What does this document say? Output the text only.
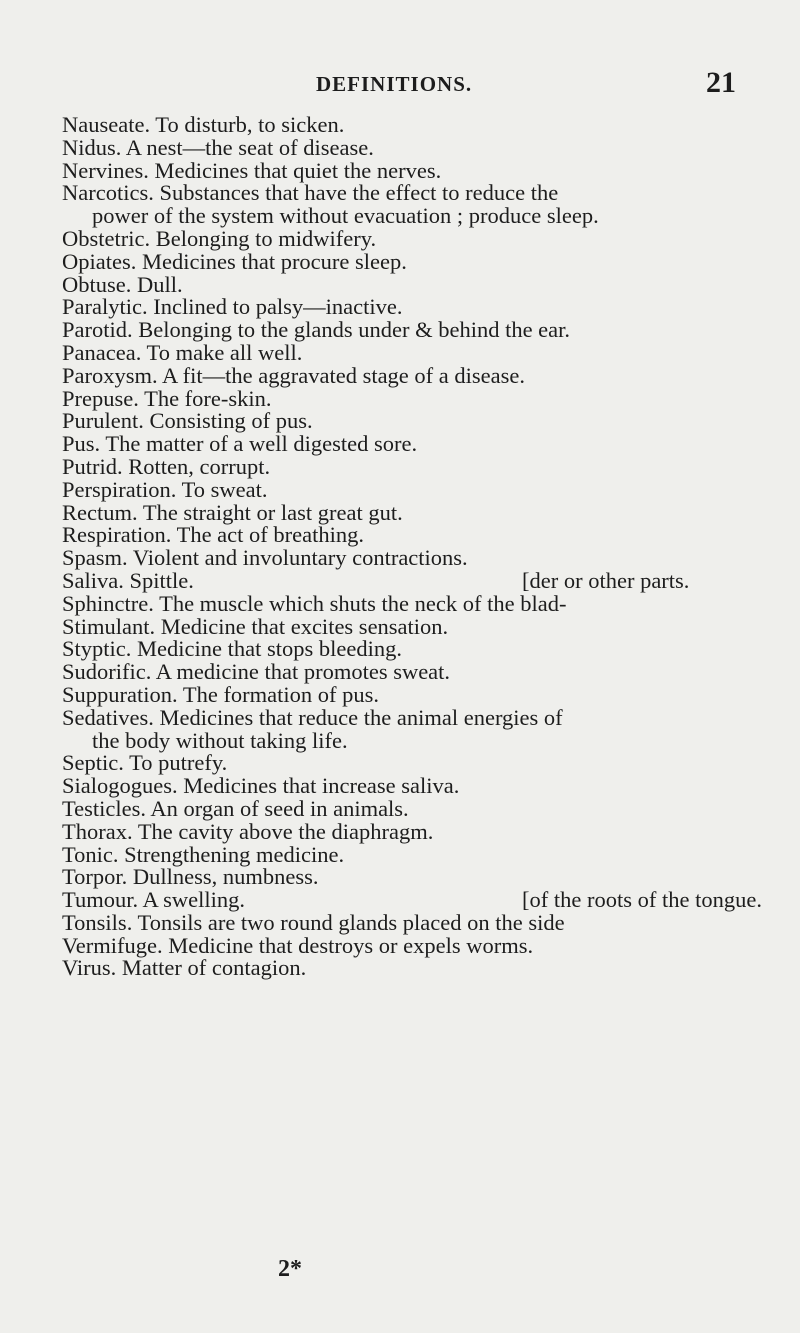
DEFINITIONS.	21
Nauseate. To disturb, to sicken.
Nidus. A nest—the seat of disease.
Nervines. Medicines that quiet the nerves.
Narcotics. Substances that have the effect to reduce the
power of the system without evacuation ; produce sleep.
Obstetric. Belonging to midwifery.
Opiates. Medicines that procure sleep.
Obtuse. Dull.
Paralytic. Inclined to palsy—inactive.
Parotid. Belonging to the glands under & behind the ear.
Panacea. To make all well.
Paroxysm. A fit—the aggravated stage of a disease.
Prepuse. The fore-skin.
Purulent. Consisting of pus.
Pus. The matter of a well digested sore.
Putrid. Rotten, corrupt.
Perspiration. To sweat.
Rectum. The straight or last great gut.
Respiration. The act of breathing.
Spasm. Violent and involuntary contractions.
Saliva. Spittle.	[der or other parts.
Sphinctre. The muscle which shuts the neck of the blad-
Stimulant. Medicine that excites sensation.
Styptic. Medicine that stops bleeding.
Sudorific. A medicine that promotes sweat.
Suppuration. The formation of pus.
Sedatives. Medicines that reduce the animal energies of
the body without taking life.
Septic. To putrefy.
Sialogogues. Medicines that increase saliva.
Testicles. An organ of seed in animals.
Thorax. The cavity above the diaphragm.
Tonic. Strengthening medicine.
Torpor. Dullness, numbness.
Tumour. A swelling.	[of the roots of the tongue.
Tonsils. Tonsils are two round glands placed on the side
Vermifuge. Medicine that destroys or expels worms.
Virus. Matter of contagion.
2*
